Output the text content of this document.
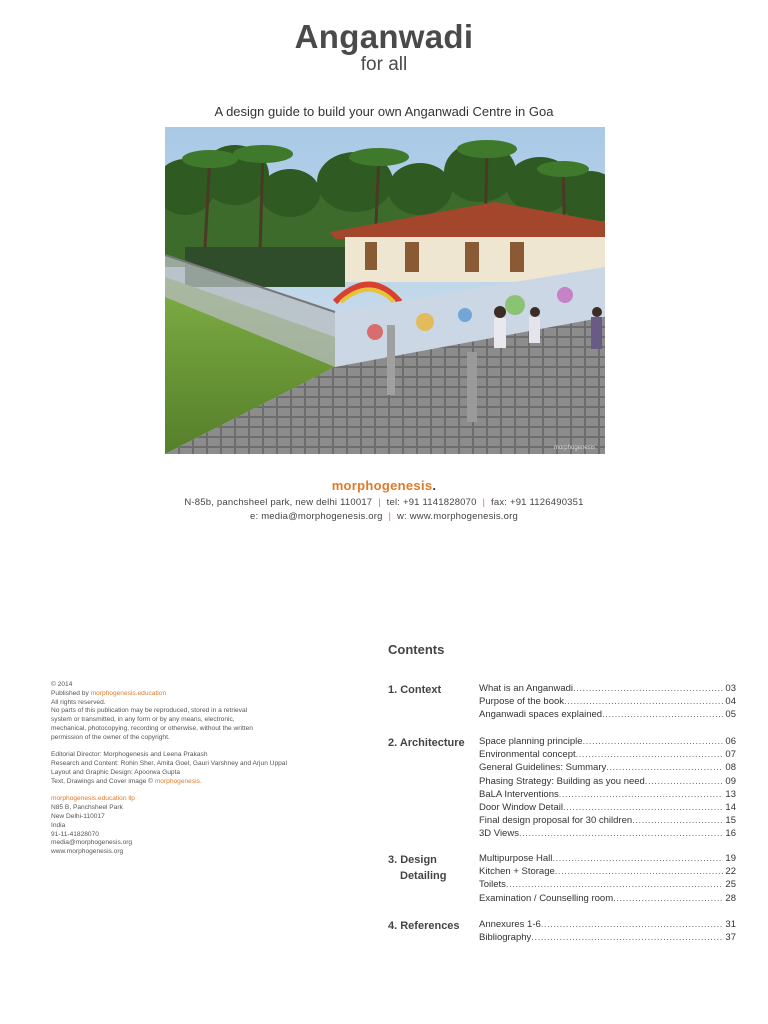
Anganwadi
for all
A design guide to build your own Anganwadi Centre in Goa
morphogenesis
morphogenesis.
N-85b, panchsheel park, new delhi 110017 | tel: +91 1141828070 | fax: +91 1126490351
e: media@morphogenesis.org | w: www.morphogenesis.org
Contents
© 2014
Published by morphogenesis.education
All rights reserved.
No parts of this publication may be reproduced, stored in a retrieval
system or transmitted, in any form or by any means, electronic,
mechanical, photocopying, recording or otherwise, without the written
permission of the owner of the copyright.
Editorial Director: Morphogenesis and Leena Prakash
Research and Content: Rohin Sher, Amita Goel, Gauri Varshney and Arjun Uppal
Layout and Graphic Design: Apoorwa Gupta
Text, Drawings and Cover image © morphogenesis.
morphogenesis.education llp
N85 B, Panchsheel Park
New Delhi-110017
India
91-11-41828070
media@morphogenesis.org
www.morphogenesis.org
1. Context	What is an Anganwadi .....	03
Purpose of the book .....	04
Anganwadi spaces explained .....	05
2. Architecture	Space planning principle .....	06
Environmental concept .....	07
General Guidelines: Summary .....	08
Phasing Strategy: Building as you need .....	09
BaLA Interventions .....	13
Door Window Detail .....	14
Final design proposal for 30 children .....	15
3D Views .....	16
3. Design
Detailing
Multipurpose Hall .....	19
Kitchen + Storage .....	22
Toilets .....	25
Examination / Counselling room .....	28
4. References	Annexures 1-6 .....	31
Bibliography .....	37
